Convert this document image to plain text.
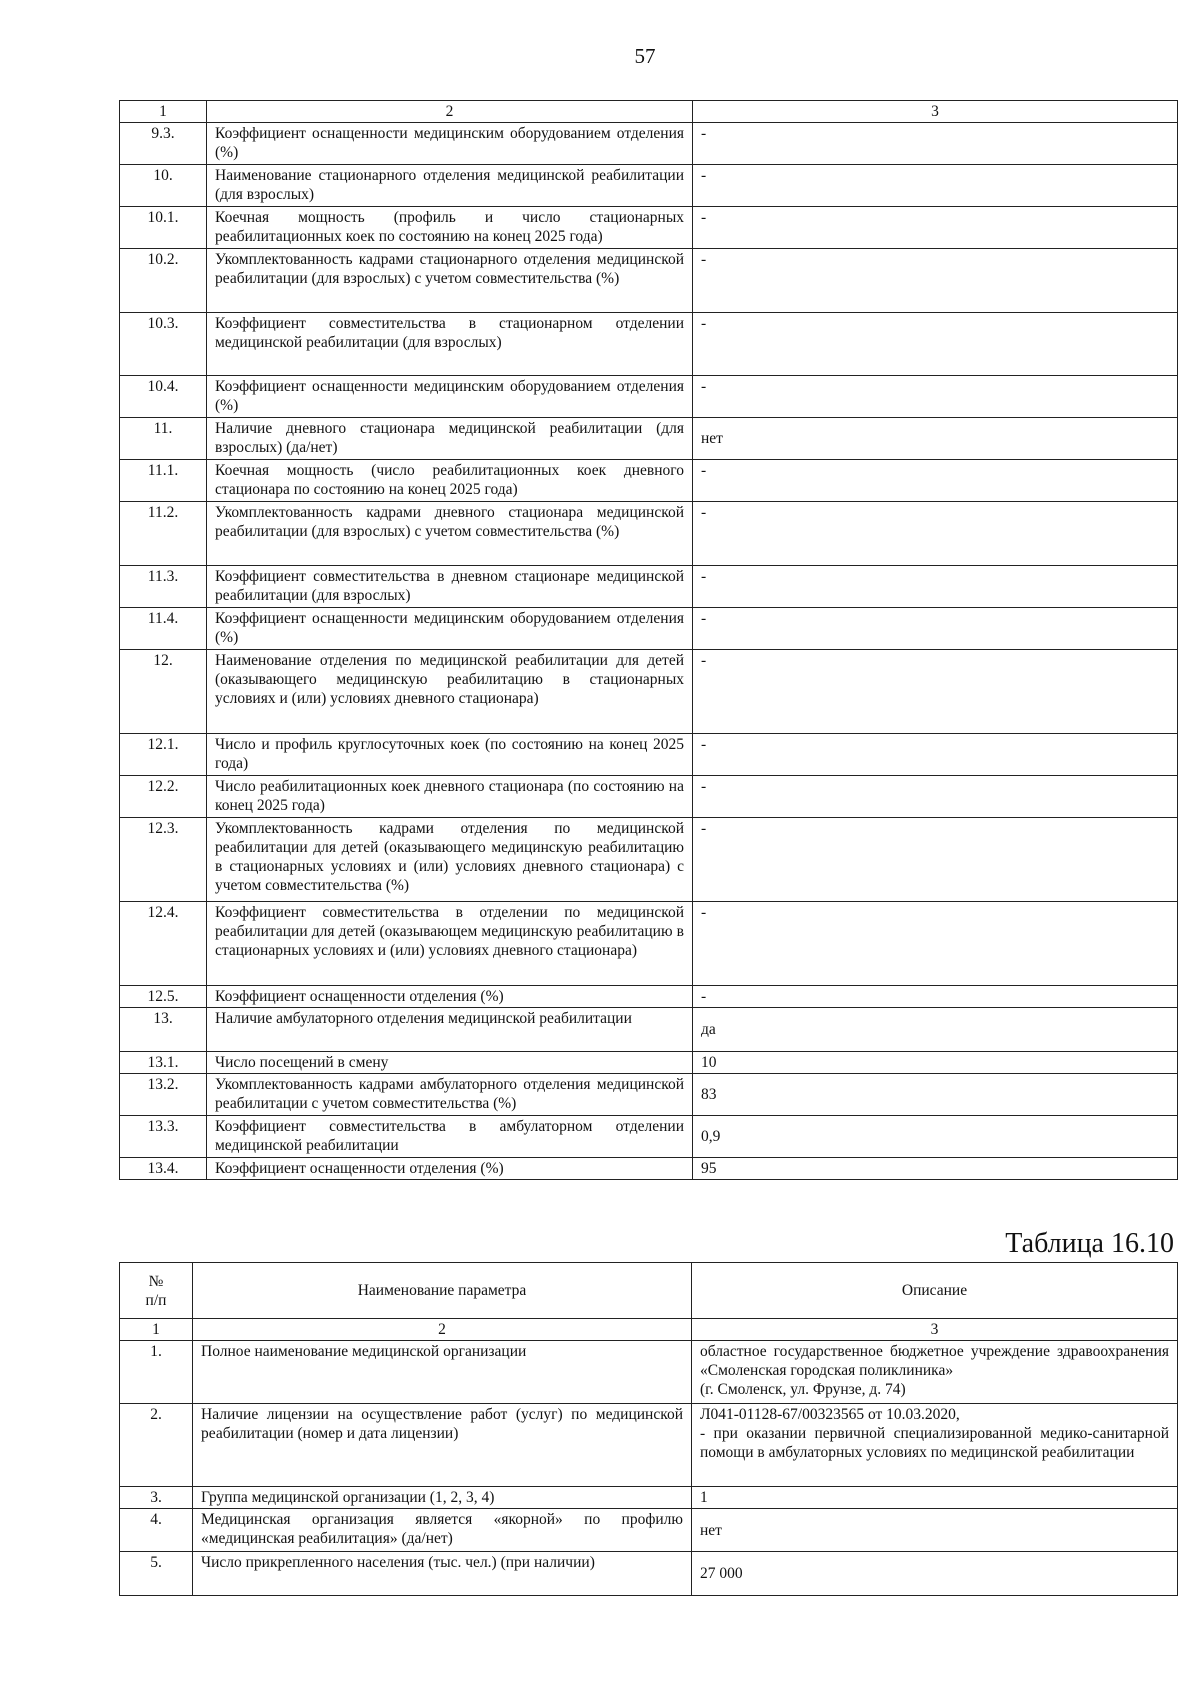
57
1	2	3
9.3.	Коэффициент оснащенности медицинским оборудованием отделения (%)	-
10.	Наименование стационарного отделения медицинской реабилитации (для взрослых)	-
10.1.	Коечная мощность (профиль и число стационарных реабилитационных коек по состоянию на конец 2025 года)	-
10.2.	Укомплектованность кадрами стационарного отделения медицинской реабилитации (для взрослых) с учетом совместительства (%)	-
10.3.	Коэффициент совместительства в стационарном отделении медицинской реабилитации (для взрослых)	-
10.4.	Коэффициент оснащенности медицинским оборудованием отделения (%)	-
11.	Наличие дневного стационара медицинской реабилитации (для взрослых) (да/нет)	нет
11.1.	Коечная мощность (число реабилитационных коек дневного стационара по состоянию на конец 2025 года)	-
11.2.	Укомплектованность кадрами дневного стационара медицинской реабилитации (для взрослых) с учетом совместительства (%)	-
11.3.	Коэффициент совместительства в дневном стационаре медицинской реабилитации (для взрослых)	-
11.4.	Коэффициент оснащенности медицинским оборудованием отделения (%)	-
12.	Наименование отделения по медицинской реабилитации для детей (оказывающего медицинскую реабилитацию в стационарных условиях и (или) условиях дневного стационара)	-
12.1.	Число и профиль круглосуточных коек (по состоянию на конец 2025 года)	-
12.2.	Число реабилитационных коек дневного стационара (по состоянию на конец 2025 года)	-
12.3.	Укомплектованность кадрами отделения по медицинской реабилитации для детей (оказывающего медицинскую реабилитацию в стационарных условиях и (или) условиях дневного стационара) с учетом совместительства (%)	-
12.4.	Коэффициент совместительства в отделении по медицинской реабилитации для детей (оказывающем медицинскую реабилитацию в стационарных условиях и (или) условиях дневного стационара)	-
12.5.	Коэффициент оснащенности отделения (%)	-
13.	Наличие амбулаторного отделения медицинской реабилитации	да
13.1.	Число посещений в смену	10
13.2.	Укомплектованность кадрами амбулаторного отделения медицинской реабилитации с учетом совместительства (%)	83
13.3.	Коэффициент совместительства в амбулаторном отделении медицинской реабилитации	0,9
13.4.	Коэффициент оснащенности отделения (%)	95
Таблица 16.10
№
п/п	Наименование параметра	Описание
1	2	3
1.	Полное наименование медицинской организации	областное государственное бюджетное учреждение здравоохранения «Смоленская городская поликлиника»
(г. Смоленск, ул. Фрунзе, д. 74)
2.	Наличие лицензии на осуществление работ (услуг) по медицинской реабилитации (номер и дата лицензии)	Л041-01128-67/00323565 от 10.03.2020,
- при оказании первичной специализированной медико-санитарной помощи в амбулаторных условиях по медицинской реабилитации
3.	Группа медицинской организации (1, 2, 3, 4)	1
4.	Медицинская организация является «якорной» по профилю «медицинская реабилитация» (да/нет)	нет
5.	Число прикрепленного населения (тыс. чел.) (при наличии)	27 000
